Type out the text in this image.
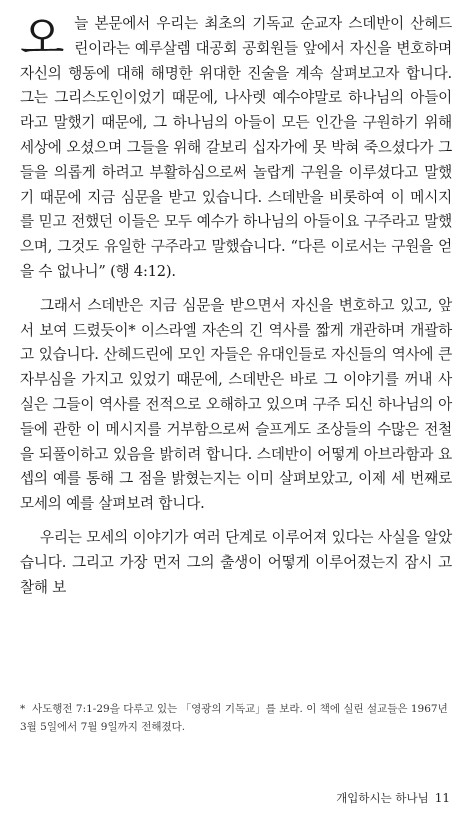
오늘 본문에서 우리는 최초의 기독교 순교자 스데반이 산헤드린이라는 예루살렘 대공회 공회원들 앞에서 자신을 변호하며 자신의 행동에 대해 해명한 위대한 진술을 계속 살펴보고자 합니다. 그는 그리스도인이었기 때문에, 나사렛 예수야말로 하나님의 아들이라고 말했기 때문에, 그 하나님의 아들이 모든 인간을 구원하기 위해 세상에 오셨으며 그들을 위해 갈보리 십자가에 못 박혀 죽으셨다가 그들을 의롭게 하려고 부활하심으로써 놀랍게 구원을 이루셨다고 말했기 때문에 지금 심문을 받고 있습니다. 스데반을 비롯하여 이 메시지를 믿고 전했던 이들은 모두 예수가 하나님의 아들이요 구주라고 말했으며, 그것도 유일한 구주라고 말했습니다. “다른 이로서는 구원을 얻을 수 없나니” (행 4:12).

그래서 스데반은 지금 심문을 받으면서 자신을 변호하고 있고, 앞서 보여 드렸듯이* 이스라엘 자손의 긴 역사를 짧게 개관하며 개괄하고 있습니다. 산헤드린에 모인 자들은 유대인들로 자신들의 역사에 큰 자부심을 가지고 있었기 때문에, 스데반은 바로 그 이야기를 꺼내 사실은 그들이 역사를 전적으로 오해하고 있으며 구주 되신 하나님의 아들에 관한 이 메시지를 거부함으로써 슬프게도 조상들의 수많은 전철을 되풀이하고 있음을 밝히려 합니다. 스데반이 어떻게 아브라함과 요셉의 예를 통해 그 점을 밝혔는지는 이미 살펴보았고, 이제 세 번째로 모세의 예를 살펴보려 합니다.

우리는 모세의 이야기가 여러 단계로 이루어져 있다는 사실을 알았습니다. 그리고 가장 먼저 그의 출생이 어떻게 이루어졌는지 잠시 고찰해 보

* 사도행전 7:1-29을 다루고 있는 「영광의 기독교」를 보라. 이 책에 실린 설교들은 1967년 3월 5일에서 7월 9일까지 전해졌다.
개입하시는 하나님 11
